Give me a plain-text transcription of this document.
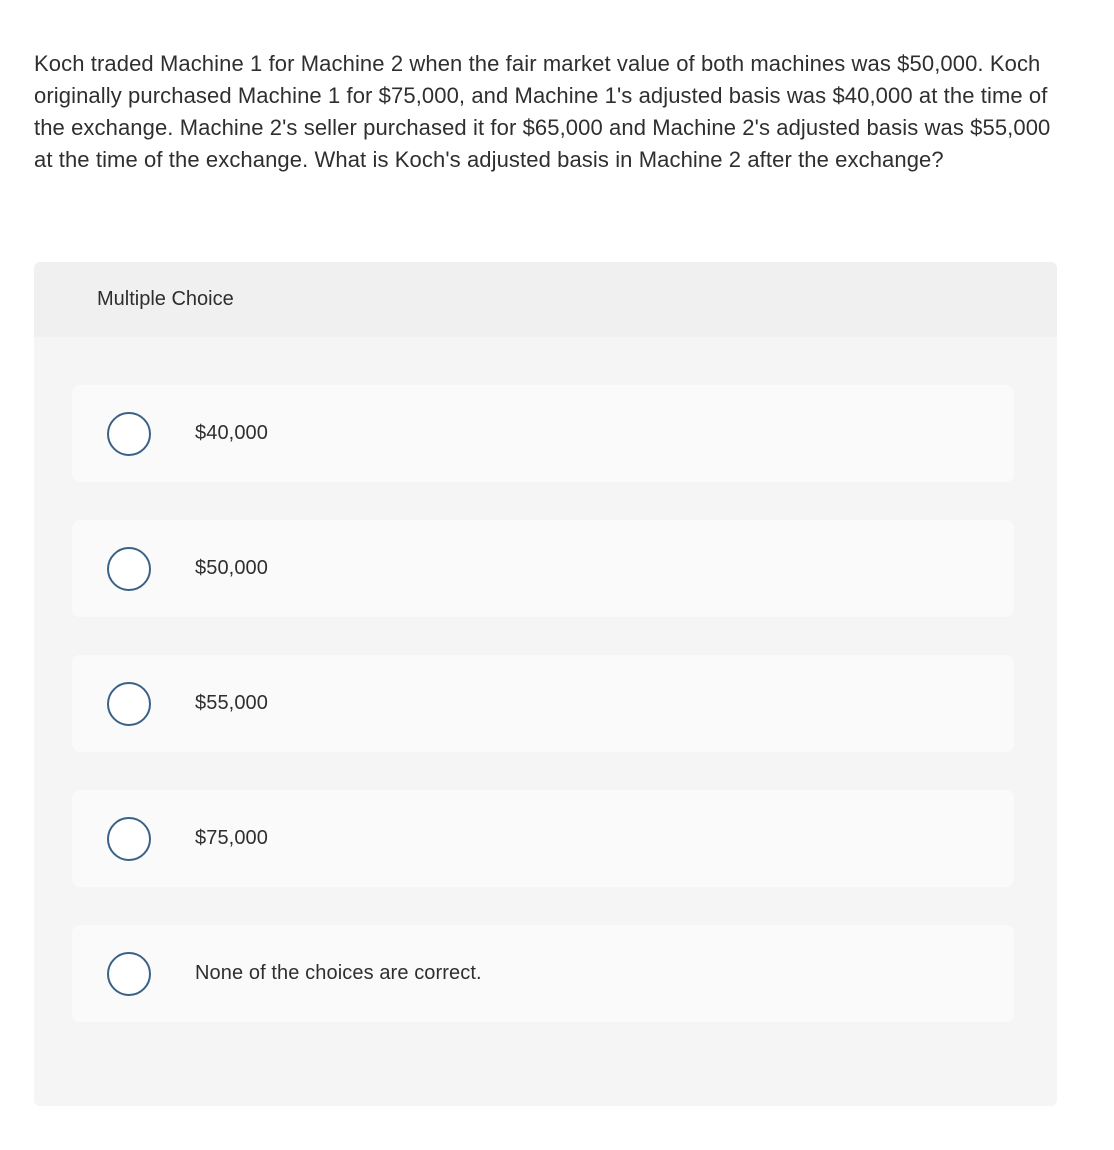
Koch traded Machine 1 for Machine 2 when the fair market value of both machines was $50,000. Koch originally purchased Machine 1 for $75,000, and Machine 1's adjusted basis was $40,000 at the time of the exchange. Machine 2's seller purchased it for $65,000 and Machine 2's adjusted basis was $55,000 at the time of the exchange. What is Koch's adjusted basis in Machine 2 after the exchange?

Multiple Choice
$40,000
$50,000
$55,000
$75,000
None of the choices are correct.
